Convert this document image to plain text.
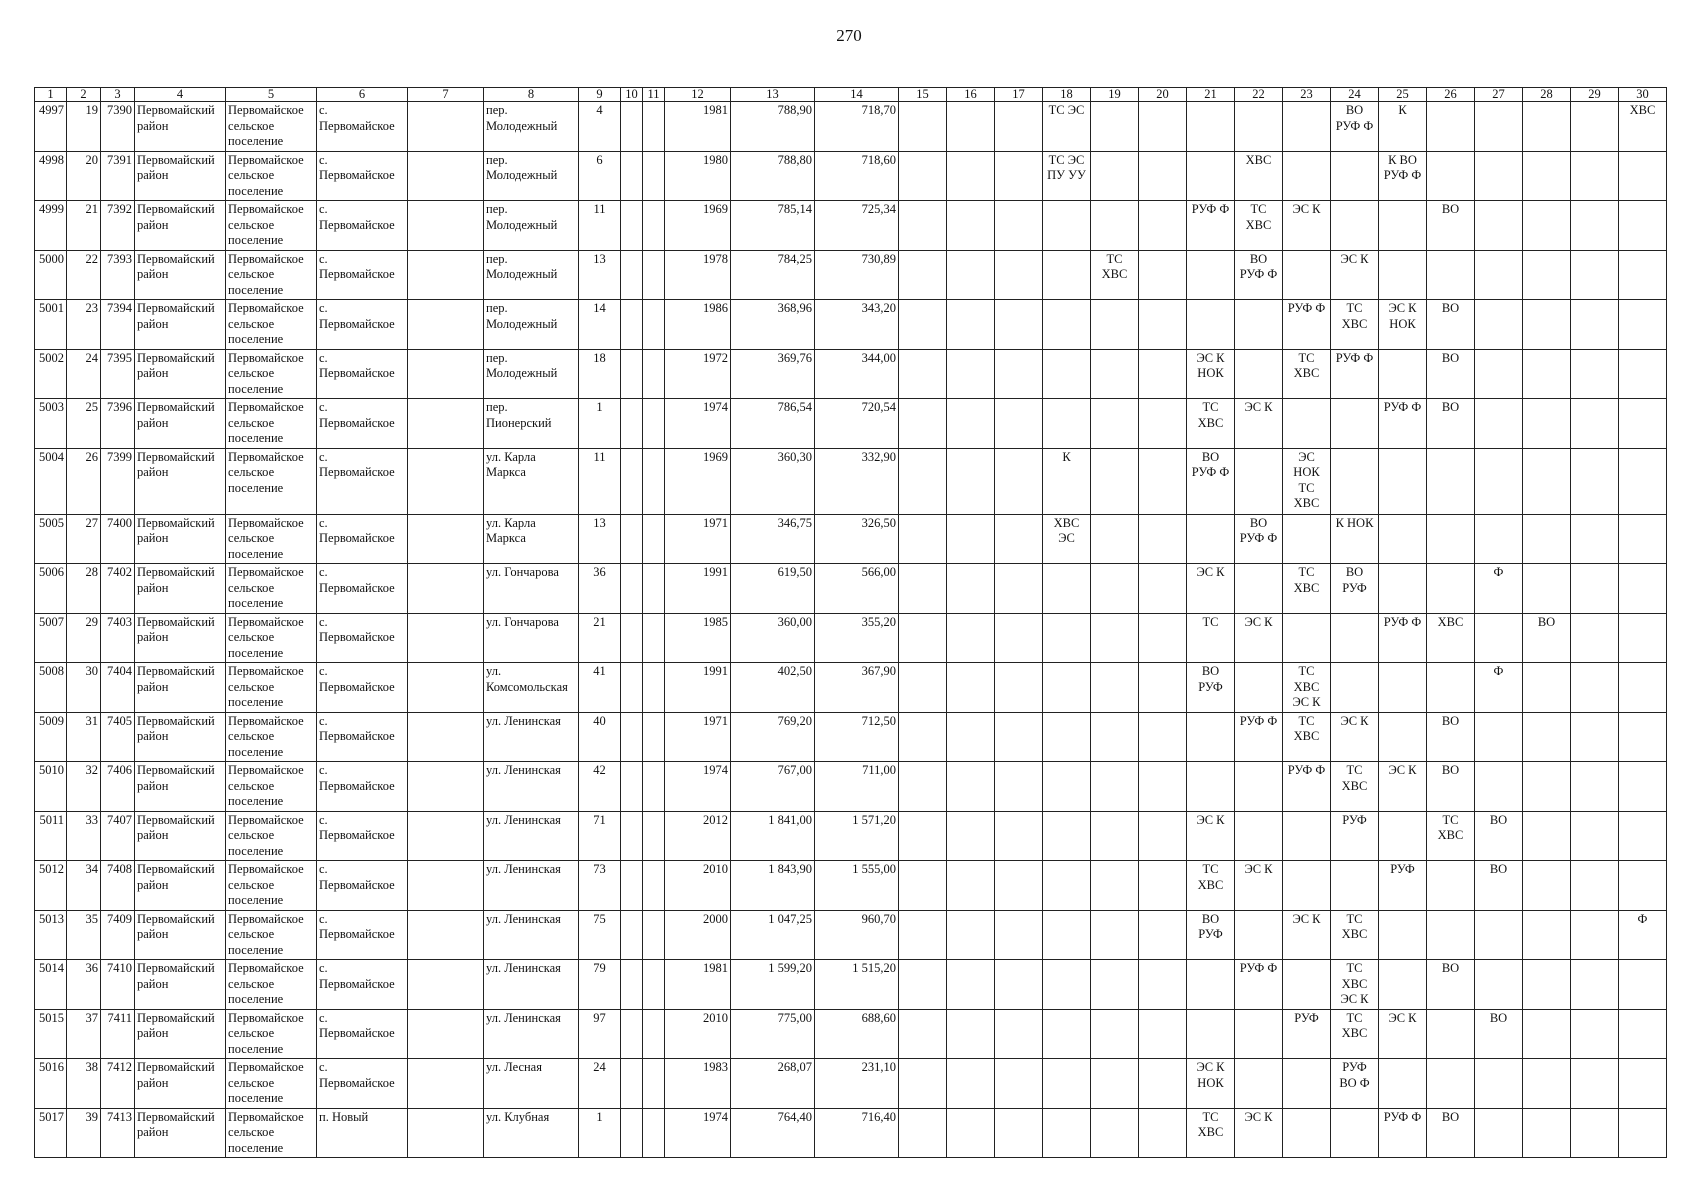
270
1	2	3	4	5	6	7	8	9	10	11	12	13	14	15	16	17	18	19	20	21	22	23	24	25	26	27	28	29	30
4997	19	7390	Первомайский район	Первомайское сельское поселение	с. Первомайское		пер. Молодежный	4			1981	788,90	718,70				ТС ЭС						ВО РУФ Ф	К					ХВС
4998	20	7391	Первомайский район	Первомайское сельское поселение	с. Первомайское		пер. Молодежный	6			1980	788,80	718,60				ТС ЭС ПУ УУ				ХВС			К ВО РУФ Ф					
4999	21	7392	Первомайский район	Первомайское сельское поселение	с. Первомайское		пер. Молодежный	11			1969	785,14	725,34							РУФ Ф	ТС ХВС	ЭС К			ВО				
5000	22	7393	Первомайский район	Первомайское сельское поселение	с. Первомайское		пер. Молодежный	13			1978	784,25	730,89					ТС ХВС			ВО РУФ Ф		ЭС К						
5001	23	7394	Первомайский район	Первомайское сельское поселение	с. Первомайское		пер. Молодежный	14			1986	368,96	343,20									РУФ Ф	ТС ХВС	ЭС К НОК	ВО				
5002	24	7395	Первомайский район	Первомайское сельское поселение	с. Первомайское		пер. Молодежный	18			1972	369,76	344,00							ЭС К НОК		ТС ХВС	РУФ Ф		ВО				
5003	25	7396	Первомайский район	Первомайское сельское поселение	с. Первомайское		пер. Пионерский	1			1974	786,54	720,54							ТС ХВС	ЭС К			РУФ Ф	ВО				
5004	26	7399	Первомайский район	Первомайское сельское поселение	с. Первомайское		ул. Карла Маркса	11			1969	360,30	332,90				К			ВО РУФ Ф		ЭС НОК ТС ХВС							
5005	27	7400	Первомайский район	Первомайское сельское поселение	с. Первомайское		ул. Карла Маркса	13			1971	346,75	326,50				ХВС ЭС				ВО РУФ Ф		К НОК						
5006	28	7402	Первомайский район	Первомайское сельское поселение	с. Первомайское		ул. Гончарова	36			1991	619,50	566,00							ЭС К		ТС ХВС	ВО РУФ			Ф			
5007	29	7403	Первомайский район	Первомайское сельское поселение	с. Первомайское		ул. Гончарова	21			1985	360,00	355,20							ТС	ЭС К			РУФ Ф	ХВС		ВО		
5008	30	7404	Первомайский район	Первомайское сельское поселение	с. Первомайское		ул. Комсомольская	41			1991	402,50	367,90							ВО РУФ		ТС ХВС ЭС К				Ф			
5009	31	7405	Первомайский район	Первомайское сельское поселение	с. Первомайское		ул. Ленинская	40			1971	769,20	712,50								РУФ Ф	ТС ХВС	ЭС К		ВО				
5010	32	7406	Первомайский район	Первомайское сельское поселение	с. Первомайское		ул. Ленинская	42			1974	767,00	711,00									РУФ Ф	ТС ХВС	ЭС К	ВО				
5011	33	7407	Первомайский район	Первомайское сельское поселение	с. Первомайское		ул. Ленинская	71			2012	1 841,00	1 571,20							ЭС К			РУФ		ТС ХВС	ВО			
5012	34	7408	Первомайский район	Первомайское сельское поселение	с. Первомайское		ул. Ленинская	73			2010	1 843,90	1 555,00							ТС ХВС	ЭС К			РУФ		ВО			
5013	35	7409	Первомайский район	Первомайское сельское поселение	с. Первомайское		ул. Ленинская	75			2000	1 047,25	960,70							ВО РУФ		ЭС К	ТС ХВС						Ф
5014	36	7410	Первомайский район	Первомайское сельское поселение	с. Первомайское		ул. Ленинская	79			1981	1 599,20	1 515,20								РУФ Ф		ТС ХВС ЭС К		ВО				
5015	37	7411	Первомайский район	Первомайское сельское поселение	с. Первомайское		ул. Ленинская	97			2010	775,00	688,60									РУФ	ТС ХВС	ЭС К		ВО			
5016	38	7412	Первомайский район	Первомайское сельское поселение	с. Первомайское		ул. Лесная	24			1983	268,07	231,10							ЭС К НОК			РУФ ВО Ф						
5017	39	7413	Первомайский район	Первомайское сельское поселение	п. Новый		ул. Клубная	1			1974	764,40	716,40							ТС ХВС	ЭС К			РУФ Ф	ВО				
